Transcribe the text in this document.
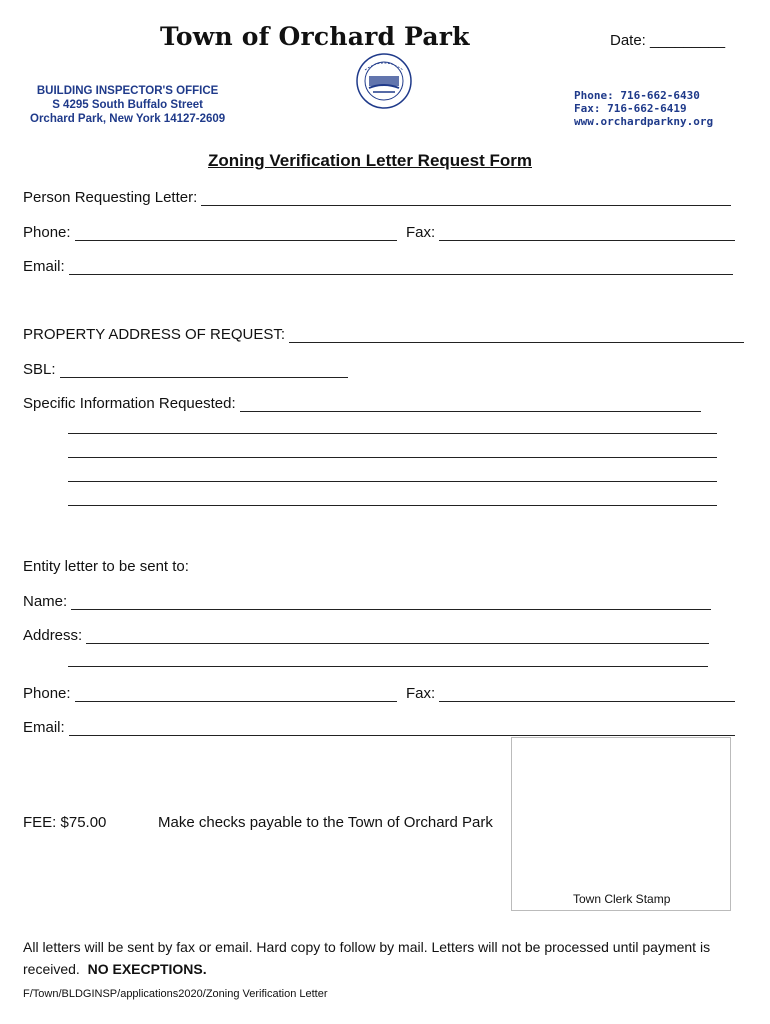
Town of Orchard Park	Date: _________
BUILDING INSPECTOR'S OFFICE
S 4295 South Buffalo Street
Orchard Park, New York 14127-2609
Phone: 716-662-6430
Fax: 716-662-6419
www.orchardparkny.org
Zoning Verification Letter Request Form
Person Requesting Letter:
Phone:	Fax:
Email:
PROPERTY ADDRESS OF REQUEST:
SBL:
Specific Information Requested:
Entity letter to be sent to:
Name:
Address:
Phone:	Fax:
Email:
Town Clerk Stamp
FEE: $75.00	Make checks payable to the Town of Orchard Park
All letters will be sent by fax or email. Hard copy to follow by mail. Letters will not be processed until payment is received. NO EXECPTIONS.
F/Town/BLDGINSP/applications2020/Zoning Verification Letter
